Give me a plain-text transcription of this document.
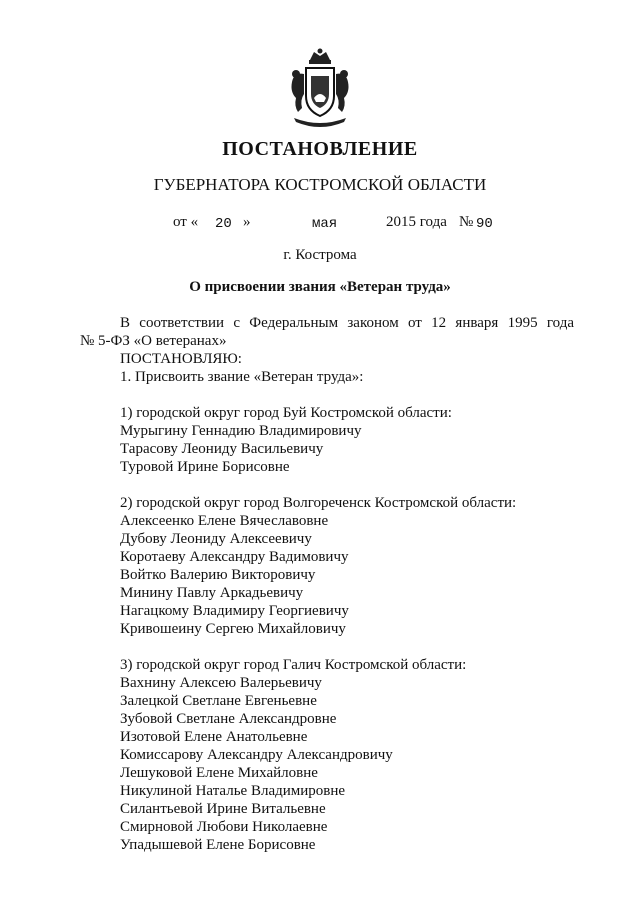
ПОСТАНОВЛЕНИЕ
ГУБЕРНАТОРА КОСТРОМСКОЙ ОБЛАСТИ
от « 20 »	мая	2015 года № 90
г. Кострома
О присвоении звания «Ветеран труда»

В соответствии с Федеральным законом от 12 января 1995 года

№ 5-ФЗ «О ветеранах»

ПОСТАНОВЛЯЮ:

1. Присвоить звание «Ветеран труда»:

1) городской округ город Буй Костромской области:

Мурыгину Геннадию Владимировичу

Тарасову Леониду Васильевичу

Туровой Ирине Борисовне

2) городской округ город Волгореченск Костромской области:

Алексеенко Елене Вячеславовне

Дубову Леониду Алексеевичу

Коротаеву Александру Вадимовичу

Войтко Валерию Викторовичу

Минину Павлу Аркадьевичу

Нагацкому Владимиру Георгиевичу

Кривошеину Сергею Михайловичу

3) городской округ город Галич Костромской области:

Вахнину Алексею Валерьевичу

Залецкой Светлане Евгеньевне

Зубовой Светлане Александровне

Изотовой Елене Анатольевне

Комиссарову Александру Александровичу

Лешуковой Елене Михайловне

Никулиной Наталье Владимировне

Силантьевой Ирине Витальевне

Смирновой Любови Николаевне

Упадышевой Елене Борисовне
